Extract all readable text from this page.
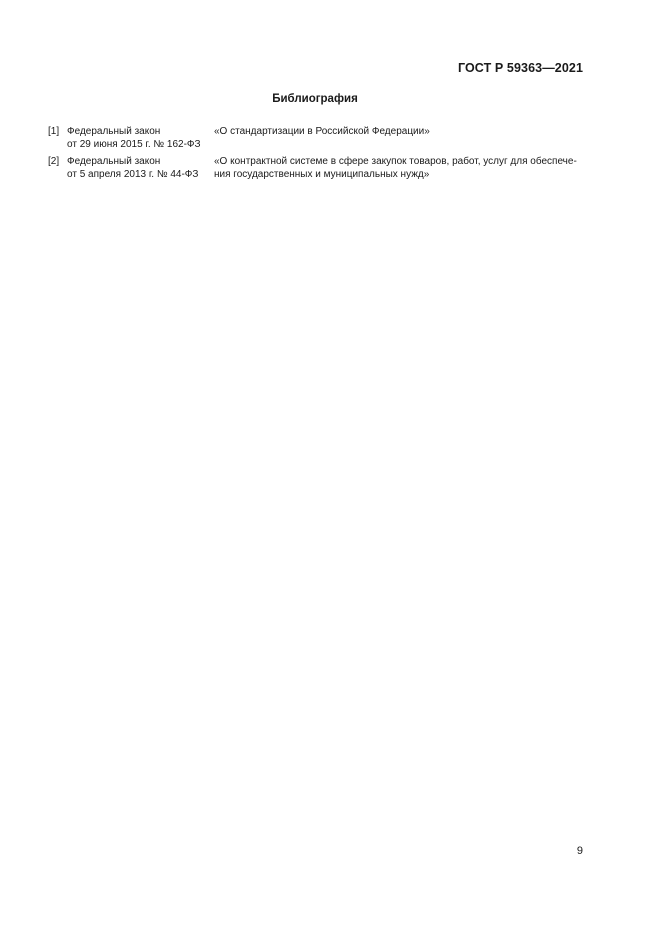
ГОСТ Р 59363—2021
Библиография
[1] Федеральный закон
от 29 июня 2015 г. № 162-ФЗ
«О стандартизации в Российской Федерации»
[2] Федеральный закон
от 5 апреля 2013 г. № 44-ФЗ
«О контрактной системе в сфере закупок товаров, работ, услуг для обеспече-
ния государственных и муниципальных нужд»
9
